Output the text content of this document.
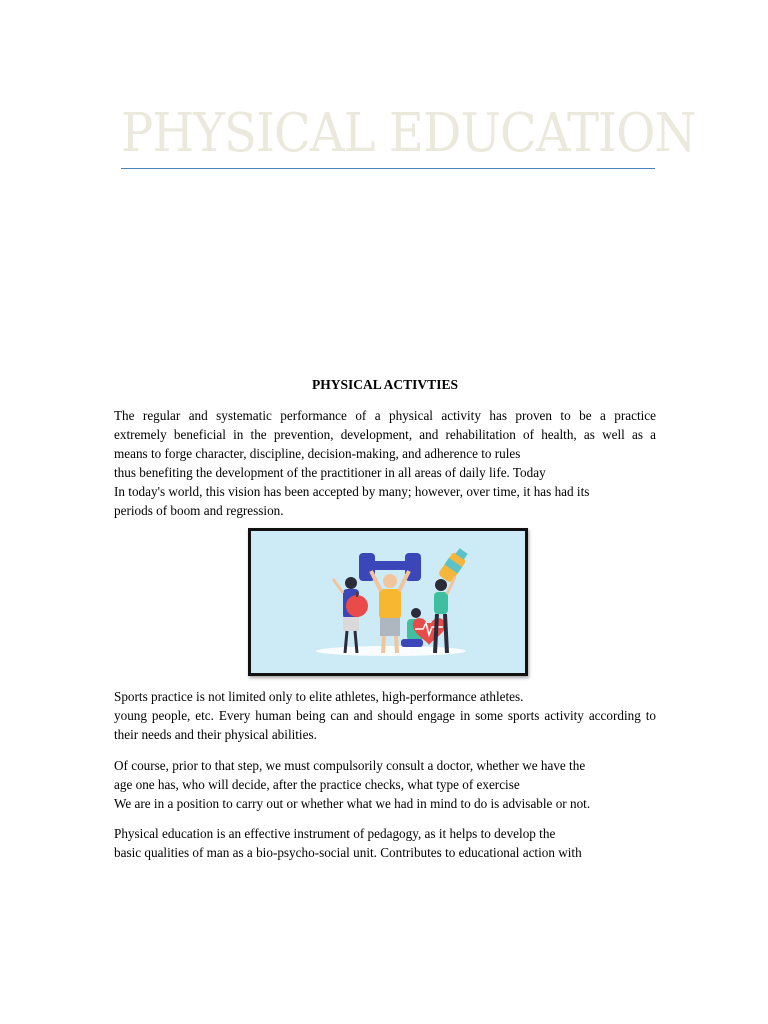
PHYSICAL EDUCATION
PHYSICAL ACTIVTIES
The regular and systematic performance of a physical activity has proven to be a practice
extremely beneficial in the prevention, development, and rehabilitation of health, as well as a
means to forge character, discipline, decision-making, and adherence to rules
thus benefiting the development of the practitioner in all areas of daily life. Today
In today's world, this vision has been accepted by many; however, over time, it has had its
periods of boom and regression.
Sports practice is not limited only to elite athletes, high-performance athletes.
young people, etc. Every human being can and should engage in some sports activity according to
their needs and their physical abilities.
Of course, prior to that step, we must compulsorily consult a doctor, whether we have the
age one has, who will decide, after the practice checks, what type of exercise
We are in a position to carry out or whether what we had in mind to do is advisable or not.
Physical education is an effective instrument of pedagogy, as it helps to develop the
basic qualities of man as a bio-psycho-social unit. Contributes to educational action with
